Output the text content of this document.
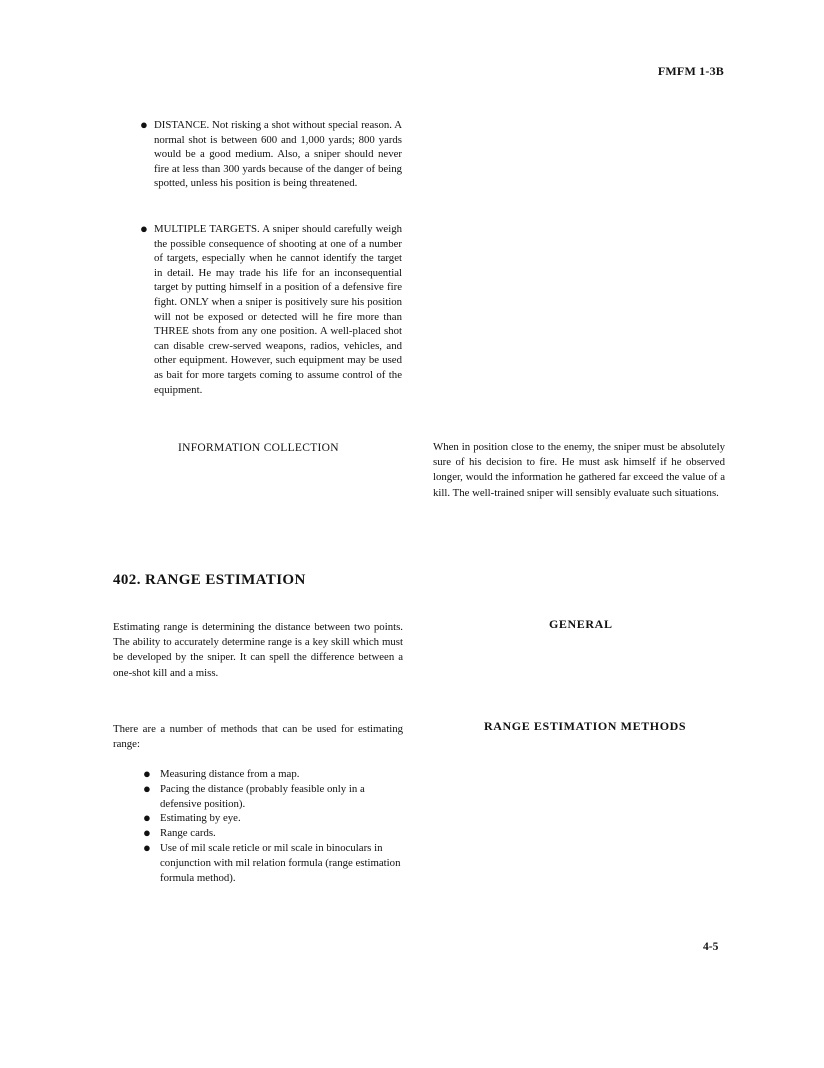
FMFM 1-3B
● DISTANCE. Not risking a shot without special reason. A normal shot is between 600 and 1,000 yards; 800 yards would be a good medium. Also, a sniper should never fire at less than 300 yards because of the danger of being spotted, unless his position is being threatened.
● MULTIPLE TARGETS. A sniper should carefully weigh the possible consequence of shooting at one of a number of targets, especially when he cannot identify the target in detail. He may trade his life for an inconsequential target by putting himself in a position of a defensive fire fight. ONLY when a sniper is positively sure his position will not be exposed or detected will he fire more than THREE shots from any one position. A well-placed shot can disable crew-served weapons, radios, vehicles, and other equipment. However, such equipment may be used as bait for more targets coming to assume control of the equipment.
INFORMATION COLLECTION	When in position close to the enemy, the sniper must be absolutely sure of his decision to fire. He must ask himself if he observed longer, would the information he gathered far exceed the value of a kill. The well-trained sniper will sensibly evaluate such situations.
402. RANGE ESTIMATION
Estimating range is determining the distance between two points. The ability to accurately determine range is a key skill which must be developed by the sniper. It can spell the difference between a one-shot kill and a miss.
GENERAL
There are a number of methods that can be used for estimating range:
RANGE ESTIMATION METHODS
● Measuring distance from a map.
● Pacing the distance (probably feasible only in a defensive position).
● Estimating by eye.
● Range cards.
● Use of mil scale reticle or mil scale in binoculars in conjunction with mil relation formula (range estimation formula method).
4-5
